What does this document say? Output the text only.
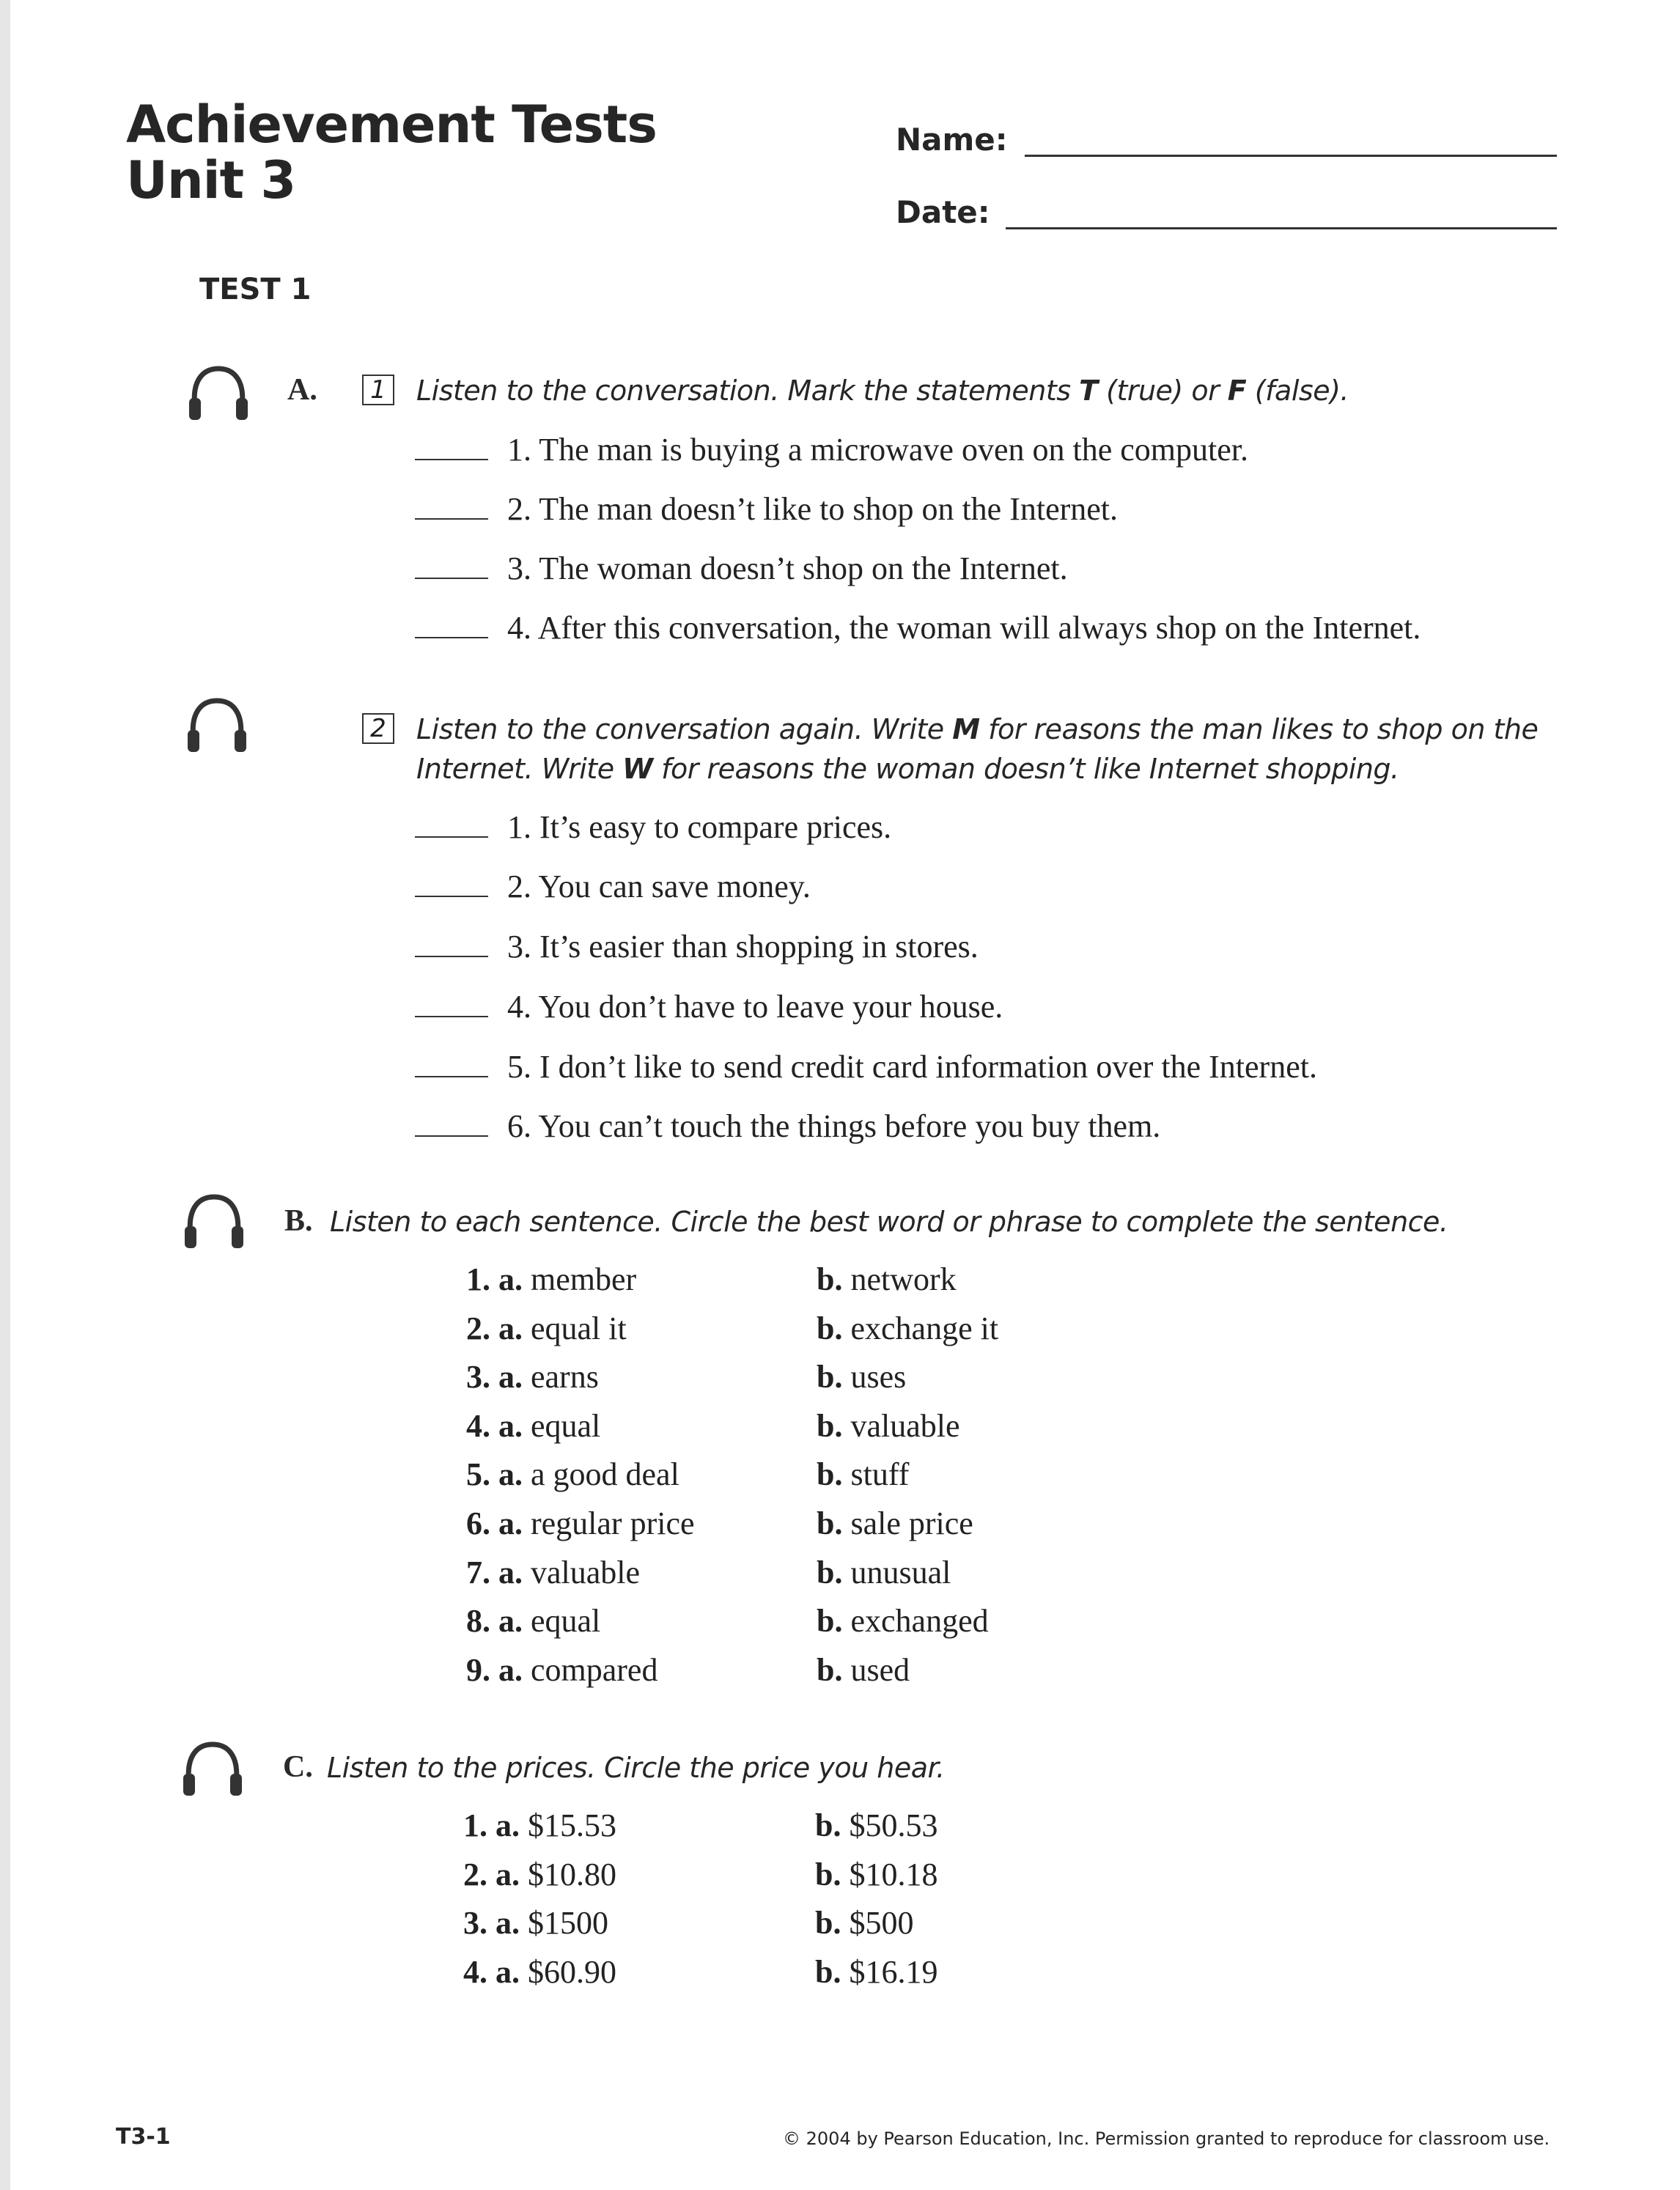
Achievement Tests
Unit 3
Name:
Date:
TEST 1
A.	1 Listen to the conversation. Mark the statements T (true) or F (false).
1. The man is buying a microwave oven on the computer.
2. The man doesn’t like to shop on the Internet.
3. The woman doesn’t shop on the Internet.
4. After this conversation, the woman will always shop on the Internet.
2 Listen to the conversation again. Write M for reasons the man likes to shop on the
Internet. Write W for reasons the woman doesn’t like Internet shopping.
1. It’s easy to compare prices.
2. You can save money.
3. It’s easier than shopping in stores.
4. You don’t have to leave your house.
5. I don’t like to send credit card information over the Internet.
6. You can’t touch the things before you buy them.
B. Listen to each sentence. Circle the best word or phrase to complete the sentence.
1. a. member	b. network
2. a. equal it	b. exchange it
3. a. earns	b. uses
4. a. equal	b. valuable
5. a. a good deal	b. stuff
6. a. regular price	b. sale price
7. a. valuable	b. unusual
8. a. equal	b. exchanged
9. a. compared	b. used
C. Listen to the prices. Circle the price you hear.
1. a. $15.53	b. $50.53
2. a. $10.80	b. $10.18
3. a. $1500	b. $500
4. a. $60.90	b. $16.19
T3-1	© 2004 by Pearson Education, Inc. Permission granted to reproduce for classroom use.
